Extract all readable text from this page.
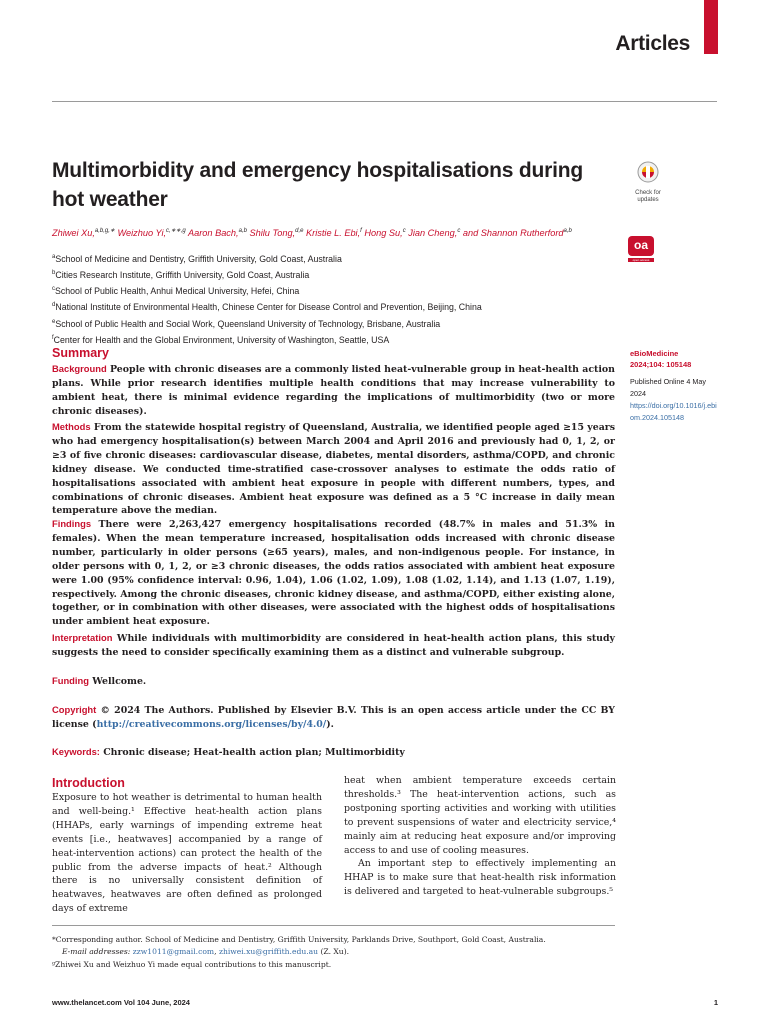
Articles
Multimorbidity and emergency hospitalisations during hot weather
Zhiwei Xu,$^{a,b,g,∗}$ Weizhuo Yi,$^{c,∗∗,g}$ Aaron Bach,$^{a,b}$ Shilu Tong,$^{d,e}$ Kristie L. Ebi,$^f$ Hong Su,$^c$ Jian Cheng,$^c$ and Shannon Rutherford$^{a,b}$
Check for updates
oa
open access
$^a$School of Medicine and Dentistry, Griffith University, Gold Coast, Australia
$^b$Cities Research Institute, Griffith University, Gold Coast, Australia
$^c$School of Public Health, Anhui Medical University, Hefei, China
$^d$National Institute of Environmental Health, Chinese Center for Disease Control and Prevention, Beijing, China
$^e$School of Public Health and Social Work, Queensland University of Technology, Brisbane, Australia
$^f$Center for Health and the Global Environment, University of Washington, Seattle, USA
Summary
Background People with chronic diseases are a commonly listed heat-vulnerable group in heat-health action plans. While prior research identifies multiple health conditions that may increase vulnerability to ambient heat, there is minimal evidence regarding the implications of multimorbidity (two or more chronic diseases).
Methods From the statewide hospital registry of Queensland, Australia, we identified people aged ≥15 years who had emergency hospitalisation(s) between March 2004 and April 2016 and previously had 0, 1, 2, or ≥3 of five chronic diseases: cardiovascular disease, diabetes, mental disorders, asthma/COPD, and chronic kidney disease. We conducted time-stratified case-crossover analyses to estimate the odds ratio of hospitalisations associated with ambient heat exposure in people with different numbers, types, and combinations of chronic diseases. Ambient heat exposure was defined as a 5 °C increase in daily mean temperature above the median.
Findings There were 2,263,427 emergency hospitalisations recorded (48.7% in males and 51.3% in females). When the mean temperature increased, hospitalisation odds increased with chronic disease number, particularly in older persons (≥65 years), males, and non-indigenous people. For instance, in older persons with 0, 1, 2, or ≥3 chronic diseases, the odds ratios associated with ambient heat exposure were 1.00 (95% confidence interval: 0.96, 1.04), 1.06 (1.02, 1.09), 1.08 (1.02, 1.14), and 1.13 (1.07, 1.19), respectively. Among the chronic diseases, chronic kidney disease, and asthma/COPD, either existing alone, together, or in combination with other diseases, were associated with the highest odds of hospitalisations under ambient heat exposure.
Interpretation While individuals with multimorbidity are considered in heat-health action plans, this study suggests the need to consider specifically examining them as a distinct and vulnerable subgroup.
Funding Wellcome.
Copyright © 2024 The Authors. Published by Elsevier B.V. This is an open access article under the CC BY license (http://creativecommons.org/licenses/by/4.0/).
Keywords: Chronic disease; Heat-health action plan; Multimorbidity
eBioMedicine
2024;104: 105148
Published Online 4 May 2024
https://doi.org/10.1016/j.ebiom.2024.105148
Introduction
Exposure to hot weather is detrimental to human health and well-being.¹ Effective heat-health action plans (HHAPs, early warnings of impending extreme heat events [i.e., heatwaves] accompanied by a range of heat-intervention actions) can protect the health of the public from the adverse impacts of heat.² Although there is no universally consistent definition of heatwaves, heatwaves are often defined as prolonged days of extreme
heat when ambient temperature exceeds certain thresholds.³ The heat-intervention actions, such as postponing sporting activities and working with utilities to prevent suspensions of water and electricity service,⁴ mainly aim at reducing heat exposure and/or improving access to and use of cooling measures.
An important step to effectively implementing an HHAP is to make sure that heat-health risk information is delivered and targeted to heat-vulnerable subgroups.⁵
*Corresponding author. School of Medicine and Dentistry, Griffith University, Parklands Drive, Southport, Gold Coast, Australia.
E-mail addresses: zzw1011@gmail.com, zhiwei.xu@griffith.edu.au (Z. Xu).
ᵍZhiwei Xu and Weizhuo Yi made equal contributions to this manuscript.
www.thelancet.com Vol 104 June, 2024	1
